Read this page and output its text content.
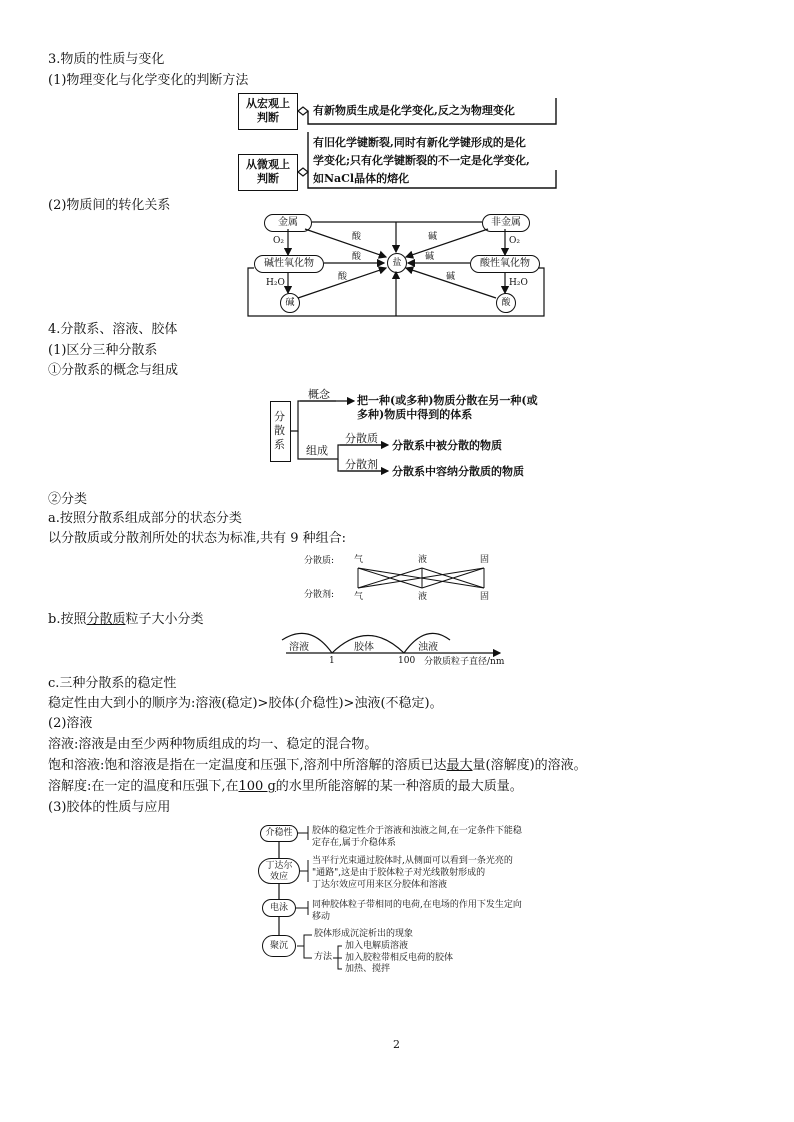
3.物质的性质与变化
(1)物理变化与化学变化的判断方法
从宏观上判断
有新物质生成是化学变化,反之为物理变化
从微观上判断
有旧化学键断裂,同时有新化学键形成的是化
学变化;只有化学键断裂的不一定是化学变化,
如NaCl晶体的熔化
(2)物质间的转化关系
金属	非金属
碱性氧化物	酸性氧化物
盐
碱	酸
O₂	O₂
H₂O	H₂O
酸	碱
酸	碱
酸	碱
4.分散系、溶液、胶体
(1)区分三种分散系
①分散系的概念与组成
分散系
概念 把一种(或多种)物质分散在另一种(或
多种)物质中得到的体系
组成
分散质
分散系中被分散的物质
分散剂
分散系中容纳分散质的物质
②分类
a.按照分散系组成部分的状态分类
以分散质或分散剂所处的状态为标准,共有 9 种组合:
分散质:
分散剂:
气	液	固
气	液	固
b.按照分散质粒子大小分类
溶液	胶体	浊液
1	100 分散质粒子直径/nm
c.三种分散系的稳定性
稳定性由大到小的顺序为:溶液(稳定)>胶体(介稳性)>浊液(不稳定)。
(2)溶液
溶液:溶液是由至少两种物质组成的均一、稳定的混合物。
饱和溶液:饱和溶液是指在一定温度和压强下,溶剂中所溶解的溶质已达最大量(溶解度)的溶液。
溶解度:在一定的温度和压强下,在100 g的水里所能溶解的某一种溶质的最大质量。
(3)胶体的性质与应用
介稳性
丁达尔效应
电泳
聚沉
胶体的稳定性介于溶液和浊液之间,在一定条件下能稳
定存在,属于介稳体系
当平行光束通过胶体时,从侧面可以看到一条光亮的
"通路",这是由于胶体粒子对光线散射形成的
丁达尔效应可用来区分胶体和溶液
同种胶体粒子带相同的电荷,在电场的作用下发生定向
移动
胶体形成沉淀析出的现象
方法
加入电解质溶液
加入胶粒带相反电荷的胶体
加热、搅拌
2
